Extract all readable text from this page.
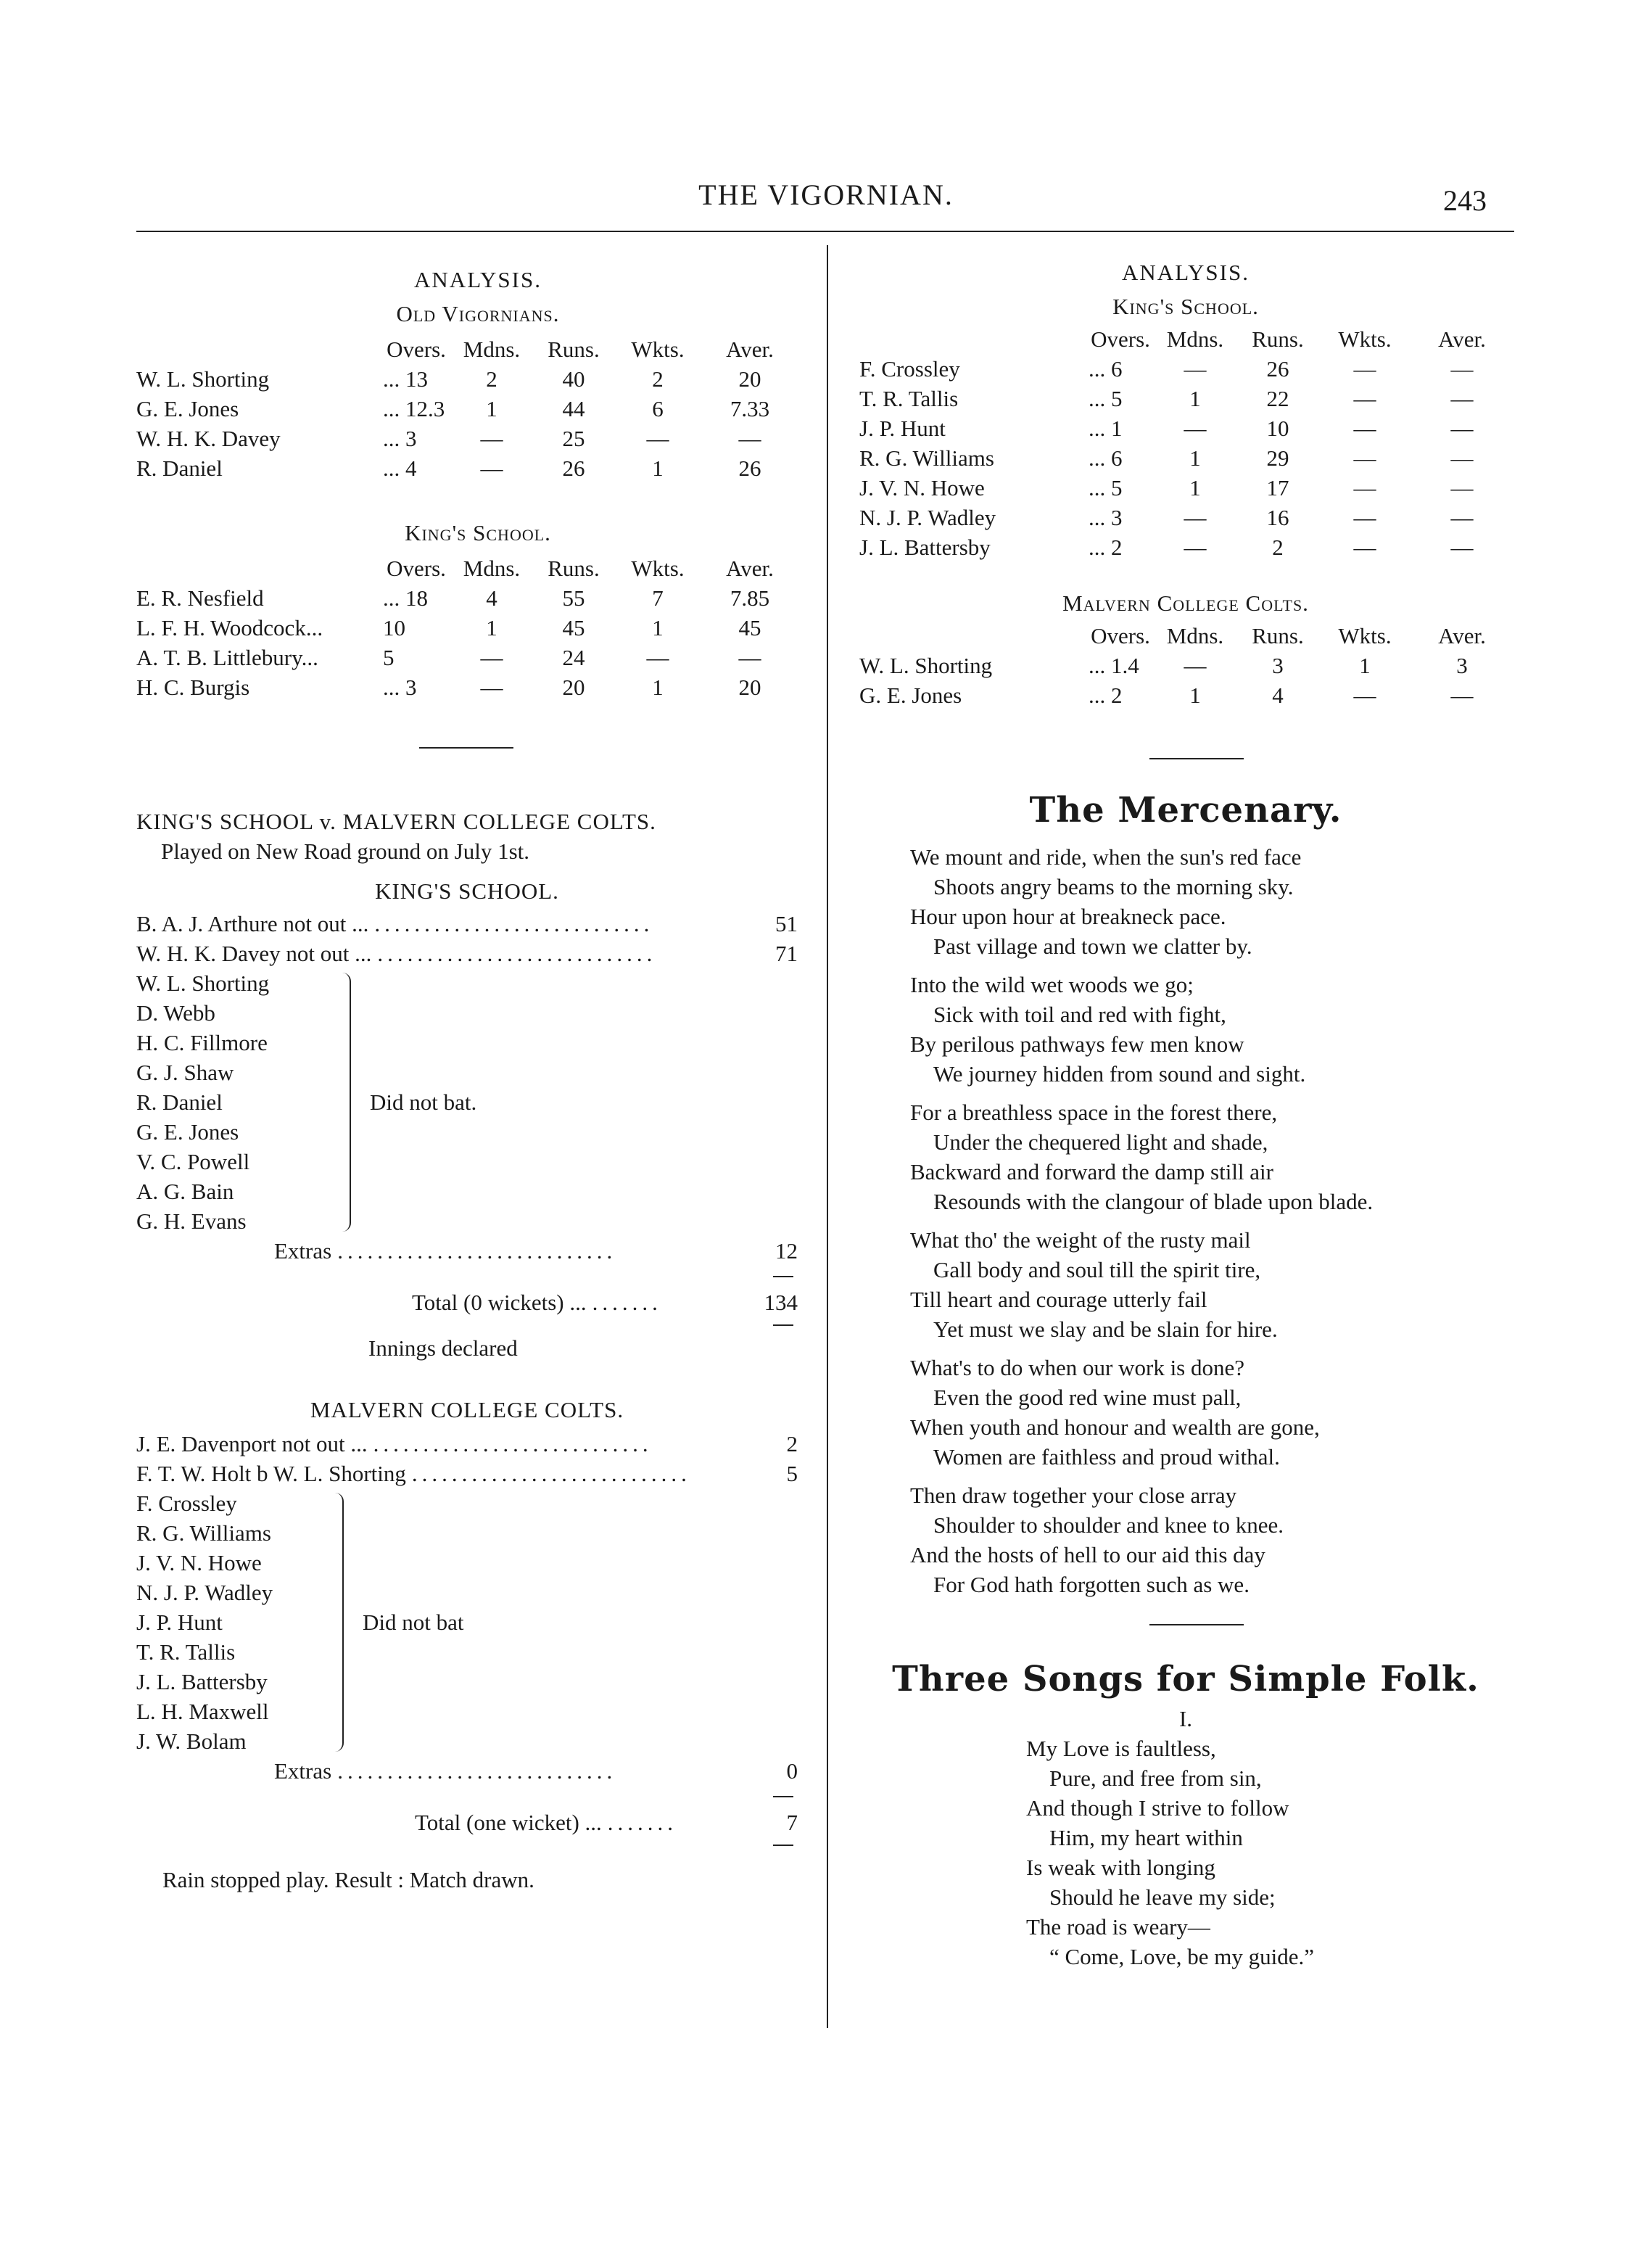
THE VIGORNIAN.	243
ANALYSIS.
Old Vigornians.
	Overs.	Mdns.	Runs.	Wkts.	Aver.
W. L. Shorting	... 13	2	40	2	20
G. E. Jones	... 12.3	1	44	6	7.33
W. H. K. Davey	... 3	—	25	—	—
R. Daniel	... 4	—	26	1	26
King's School.
	Overs.	Mdns.	Runs.	Wkts.	Aver.
E. R. Nesfield	... 18	4	55	7	7.85
L. F. H. Woodcock...	10	1	45	1	45
A. T. B. Littlebury...	5	—	24	—	—
H. C. Burgis	... 3	—	20	1	20
KING'S SCHOOL v. MALVERN COLLEGE COLTS.
Played on New Road ground on July 1st.
KING'S SCHOOL.
B. A. J. Arthure not out ... ............................	51
W. H. K. Davey not out ... ............................	71
W. L. Shorting
D. Webb
H. C. Fillmore
G. J. Shaw
R. Daniel
G. E. Jones
V. C. Powell
A. G. Bain
G. H. Evans
Did not bat.
Extras ............................	12
Total (0 wickets) ... .......	134
Innings declared
MALVERN COLLEGE COLTS.
J. E. Davenport not out ... ............................	2
F. T. W. Holt b W. L. Shorting ............................	5
F. Crossley
R. G. Williams
J. V. N. Howe
N. J. P. Wadley
J. P. Hunt
T. R. Tallis
J. L. Battersby
L. H. Maxwell
J. W. Bolam
Did not bat
Extras ............................	0
Total (one wicket) ... .......	7
Rain stopped play. Result : Match drawn.
ANALYSIS.
King's School.
	Overs.	Mdns.	Runs.	Wkts.	Aver.
F. Crossley	... 6	—	26	—	—
T. R. Tallis	... 5	1	22	—	—
J. P. Hunt	... 1	—	10	—	—
R. G. Williams	... 6	1	29	—	—
J. V. N. Howe	... 5	1	17	—	—
N. J. P. Wadley	... 3	—	16	—	—
J. L. Battersby	... 2	—	2	—	—
Malvern College Colts.
	Overs.	Mdns.	Runs.	Wkts.	Aver.
W. L. Shorting	... 1.4	—	3	1	3
G. E. Jones	... 2	1	4	—	—
The Mercenary.

We mount and ride, when the sun's red face

Shoots angry beams to the morning sky.

Hour upon hour at breakneck pace.

Past village and town we clatter by.

Into the wild wet woods we go;

Sick with toil and red with fight,

By perilous pathways few men know

We journey hidden from sound and sight.

For a breathless space in the forest there,

Under the chequered light and shade,

Backward and forward the damp still air

Resounds with the clangour of blade upon blade.

What tho' the weight of the rusty mail

Gall body and soul till the spirit tire,

Till heart and courage utterly fail

Yet must we slay and be slain for hire.

What's to do when our work is done?

Even the good red wine must pall,

When youth and honour and wealth are gone,

Women are faithless and proud withal.

Then draw together your close array

Shoulder to shoulder and knee to knee.

And the hosts of hell to our aid this day

For God hath forgotten such as we.

Three Songs for Simple Folk.
I.

My Love is faultless,

Pure, and free from sin,

And though I strive to follow

Him, my heart within

Is weak with longing

Should he leave my side;

The road is weary—

“ Come, Love, be my guide.”
